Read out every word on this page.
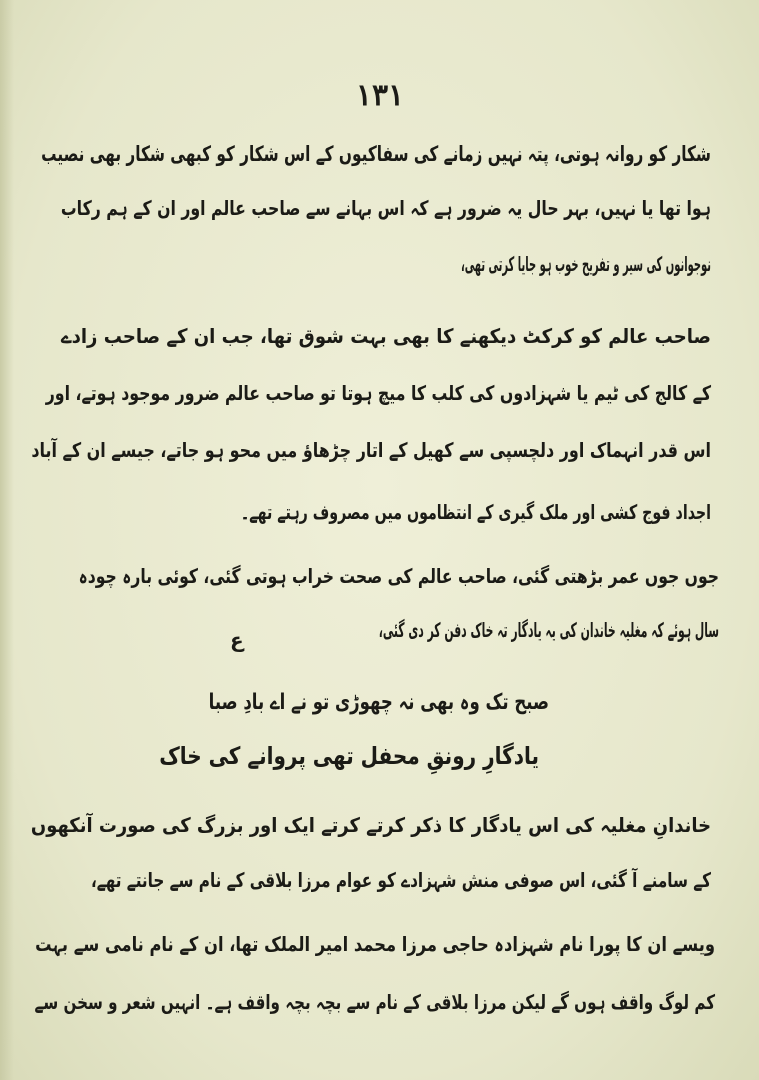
۱۳۱
شکار کو روانہ ہوتی، پتہ نہیں زمانے کی سفاکیوں کے اس شکار کو کبھی شکار بھی نصیب
ہوا تھا یا نہیں، بہر حال یہ ضرور ہے کہ اس بہانے سے صاحب عالم اور ان کے ہم رکاب
نوجوانوں کی سیر و تفریح خوب ہو جایا کرتی تھی،
صاحب عالم کو کرکٹ دیکھنے کا بھی بہت شوق تھا، جب ان کے صاحب زادے
کے کالج کی ٹیم یا شہزادوں کی کلب کا میچ ہوتا تو صاحب عالم ضرور موجود ہوتے، اور
اس قدر انہماک اور دلچسپی سے کھیل کے اتار چڑھاؤ میں محو ہو جاتے، جیسے ان کے آباد
اجداد فوج کشی اور ملک گیری کے انتظاموں میں مصروف رہتے تھے۔
جوں جوں عمر بڑھتی گئی، صاحب عالم کی صحت خراب ہوتی گئی، کوئی بارہ چودہ
سال ہوئے کہ مغلیہ خاندان کی یہ یادگار تہ خاک دفن کر دی گئی،
ع
صبح تک وہ بھی نہ چھوڑی تو نے اے بادِ صبا
یادگارِ رونقِ محفل تھی پروانے کی خاک
خاندانِ مغلیہ کی اس یادگار کا ذکر کرتے کرتے ایک اور بزرگ کی صورت آنکھوں
کے سامنے آ گئی، اس صوفی منش شہزادے کو عوام مرزا بلاقی کے نام سے جانتے تھے،
ویسے ان کا پورا نام شہزادہ حاجی مرزا محمد امیر الملک تھا، ان کے نام نامی سے بہت
کم لوگ واقف ہوں گے لیکن مرزا بلاقی کے نام سے بچہ بچہ واقف ہے۔ انہیں شعر و سخن سے
